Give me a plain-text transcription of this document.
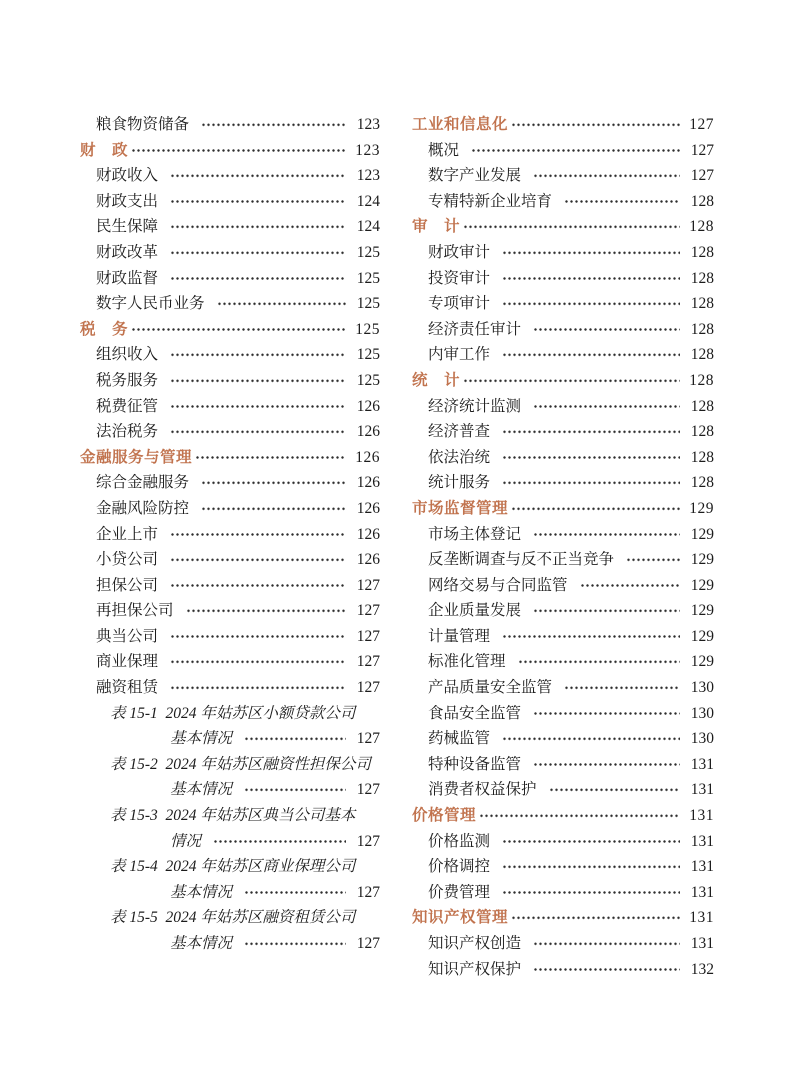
粮食物资储备	123
财　政	123
财政收入	123
财政支出	124
民生保障	124
财政改革	125
财政监督	125
数字人民币业务	125
税　务	125
组织收入	125
税务服务	125
税费征管	126
法治税务	126
金融服务与管理	126
综合金融服务	126
金融风险防控	126
企业上市	126
小贷公司	126
担保公司	127
再担保公司	127
典当公司	127
商业保理	127
融资租赁	127
表 15-1  2024 年姑苏区小额贷款公司
基本情况	127
表 15-2  2024 年姑苏区融资性担保公司
基本情况	127
表 15-3  2024 年姑苏区典当公司基本
情况	127
表 15-4  2024 年姑苏区商业保理公司
基本情况	127
表 15-5  2024 年姑苏区融资租赁公司
基本情况	127
工业和信息化	127
概况	127
数字产业发展	127
专精特新企业培育	128
审　计	128
财政审计	128
投资审计	128
专项审计	128
经济责任审计	128
内审工作	128
统　计	128
经济统计监测	128
经济普查	128
依法治统	128
统计服务	128
市场监督管理	129
市场主体登记	129
反垄断调查与反不正当竞争	129
网络交易与合同监管	129
企业质量发展	129
计量管理	129
标准化管理	129
产品质量安全监管	130
食品安全监管	130
药械监管	130
特种设备监管	131
消费者权益保护	131
价格管理	131
价格监测	131
价格调控	131
价费管理	131
知识产权管理	131
知识产权创造	131
知识产权保护	132
